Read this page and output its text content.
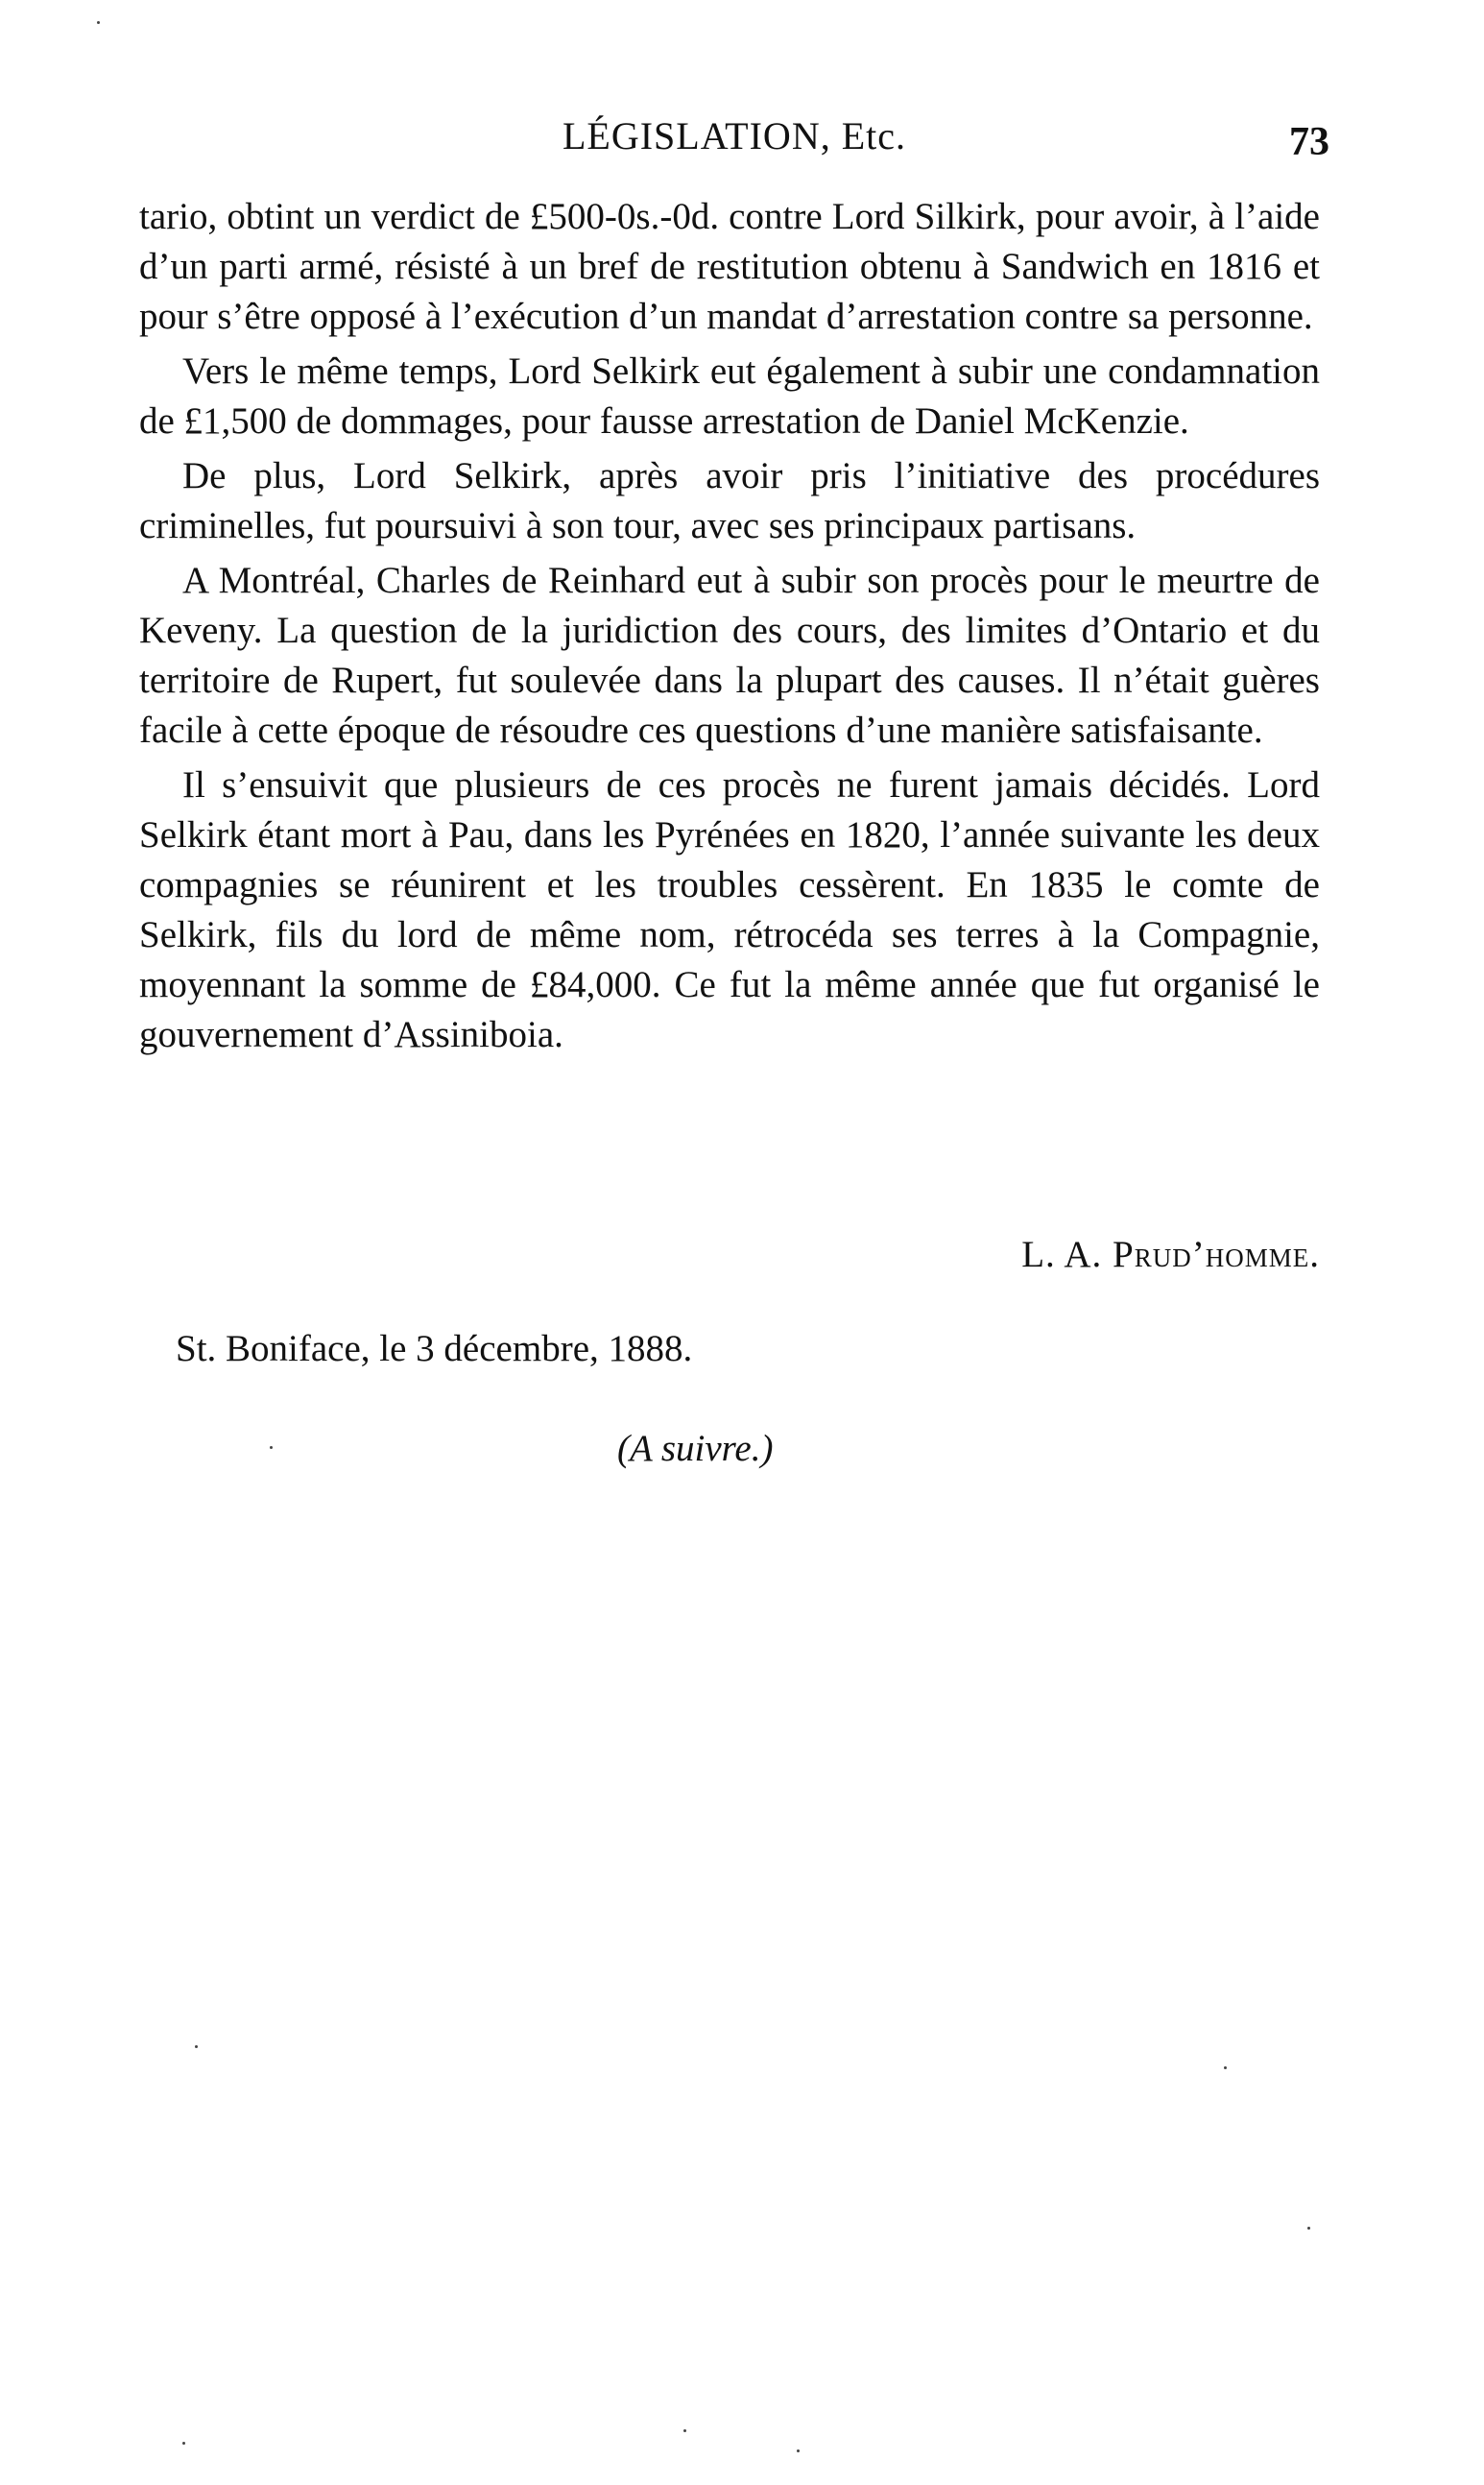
LÉGISLATION, Etc.	73

tario, obtint un verdict de £500-0s.-0d. contre Lord Silkirk, pour avoir, à l’aide d’un parti armé, résisté à un bref de restitution obtenu à Sandwich en 1816 et pour s’être opposé à l’exécution d’un mandat d’arrestation contre sa personne.

Vers le même temps, Lord Selkirk eut également à subir une condamnation de £1,500 de dommages, pour fausse arrestation de Daniel McKenzie.

De plus, Lord Selkirk, après avoir pris l’initiative des procédures criminelles, fut poursuivi à son tour, avec ses principaux partisans.

A Montréal, Charles de Reinhard eut à subir son procès pour le meurtre de Keveny. La question de la juridiction des cours, des limites d’Ontario et du territoire de Rupert, fut soulevée dans la plupart des causes. Il n’était guères facile à cette époque de résoudre ces questions d’une manière satisfaisante.

Il s’ensuivit que plusieurs de ces procès ne furent jamais décidés. Lord Selkirk étant mort à Pau, dans les Pyrénées en 1820, l’année suivante les deux compagnies se réunirent et les troubles cessèrent. En 1835 le comte de Selkirk, fils du lord de même nom, rétrocéda ses terres à la Compagnie, moyennant la somme de £84,000. Ce fut la même année que fut organisé le gouvernement d’Assiniboia.

L. A. Prud’homme.
St. Boniface, le 3 décembre, 1888.
(A suivre.)
